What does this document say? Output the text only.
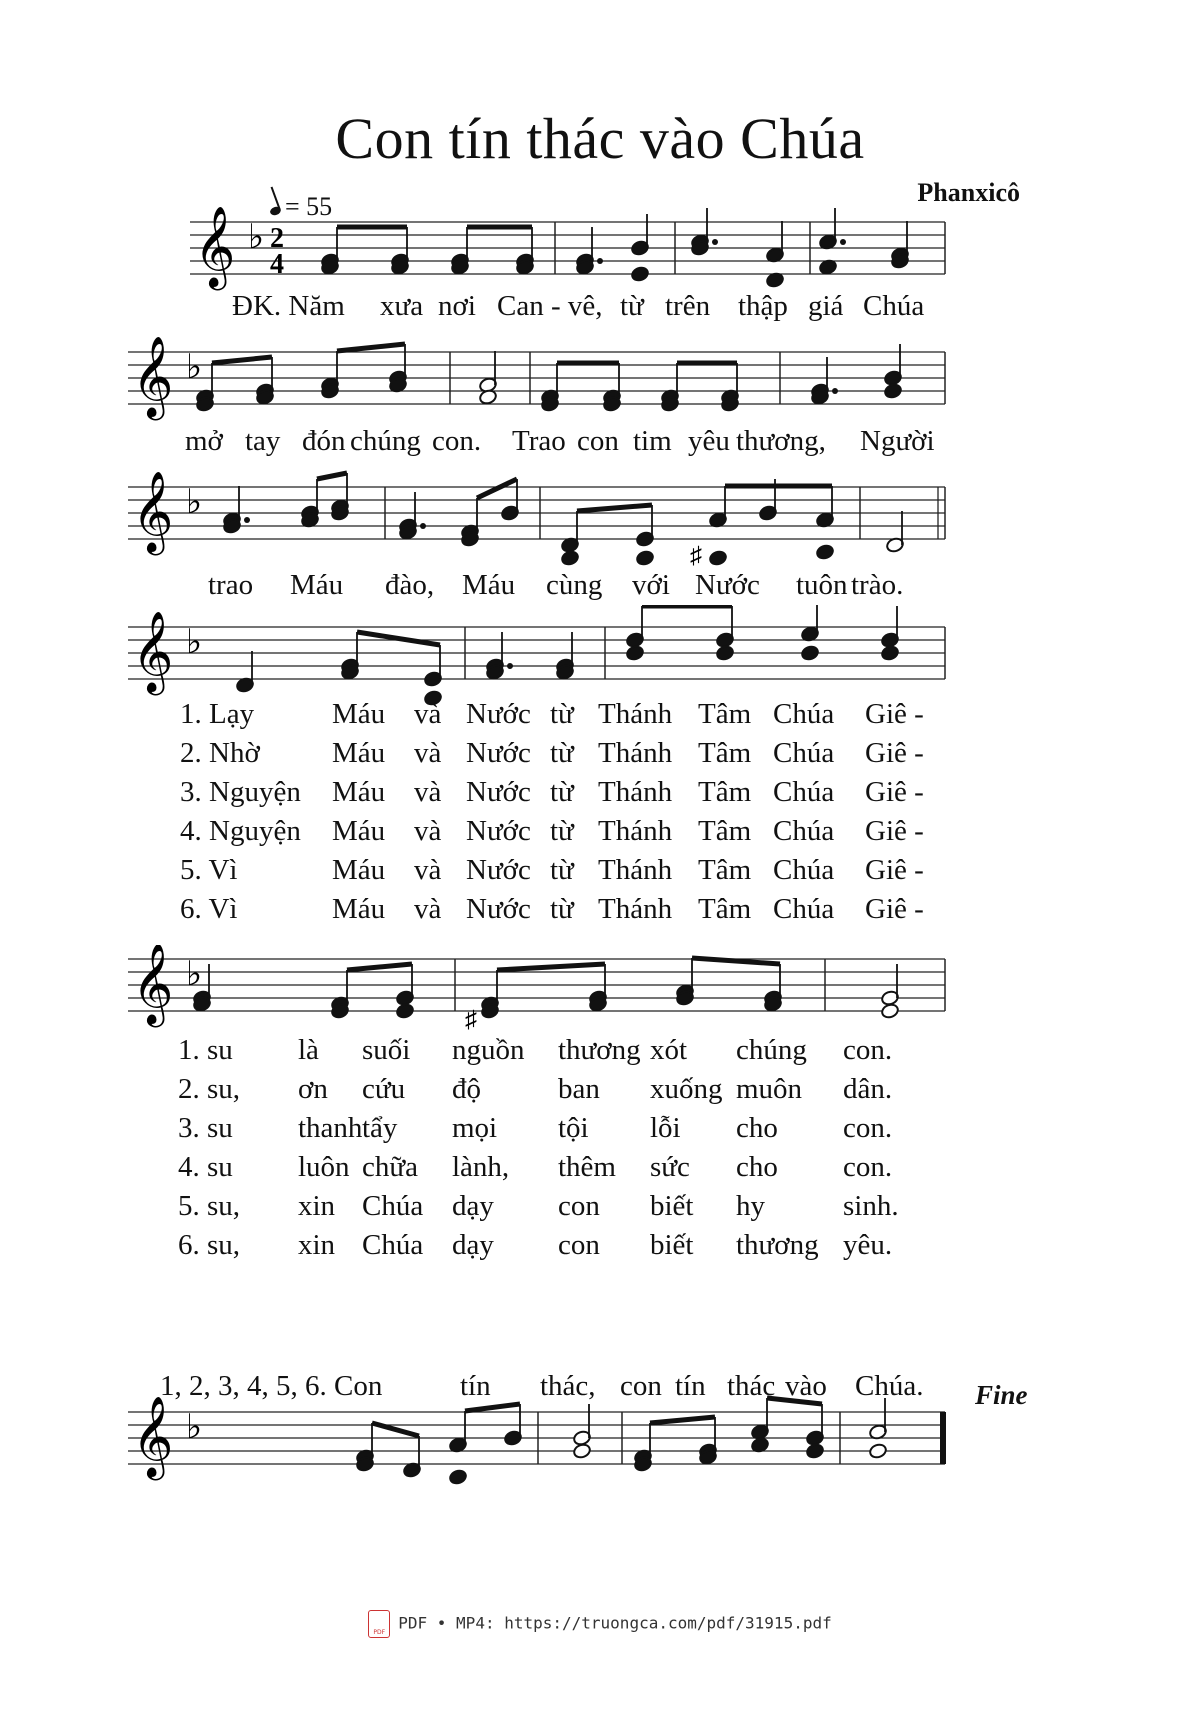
Con tín thác vào Chúa
Phanxicô
= 55
𝄞 ♭ 2
4
ĐK. Năm xưa nơi Can - vê, từ trên thập giá Chúa
𝄞 ♭
mở tay đón chúng con. Trao con tim yêu thương, Người
𝄞 ♭
♯
trao Máu đào, Máu cùng với Nước tuôn trào.
𝄞 ♭
1. Lạy	Máu và Nước từ Thánh Tâm Chúa Giê -
2. Nhờ Máu và Nước từ Thánh Tâm Chúa Giê -
3. Nguyện Máu và Nước từ Thánh Tâm Chúa Giê -
4. Nguyện Máu và Nước từ Thánh Tâm Chúa Giê -
5. Vì	Máu và Nước từ Thánh Tâm Chúa Giê -
6. Vì	Máu và Nước từ Thánh Tâm Chúa Giê -
𝄞 ♭
♯
1. su là suối nguồn thương xót chúng con.
2. su, ơn cứu độ	ban xuống muôn dân.
3. su thanh tẩy mọi tội lỗi cho con.
4. su luôn chữa lành, thêm sức cho con.
5. su, xin Chúa dạy con biết hy	sinh.
6. su, xin Chúa dạy con biết thương yêu.
Fine
𝄞 ♭
1, 2, 3, 4, 5, 6. Con	tín thác, con tín thác vào Chúa.
PDFPDF • MP4: https://truongca.com/pdf/31915.pdf
